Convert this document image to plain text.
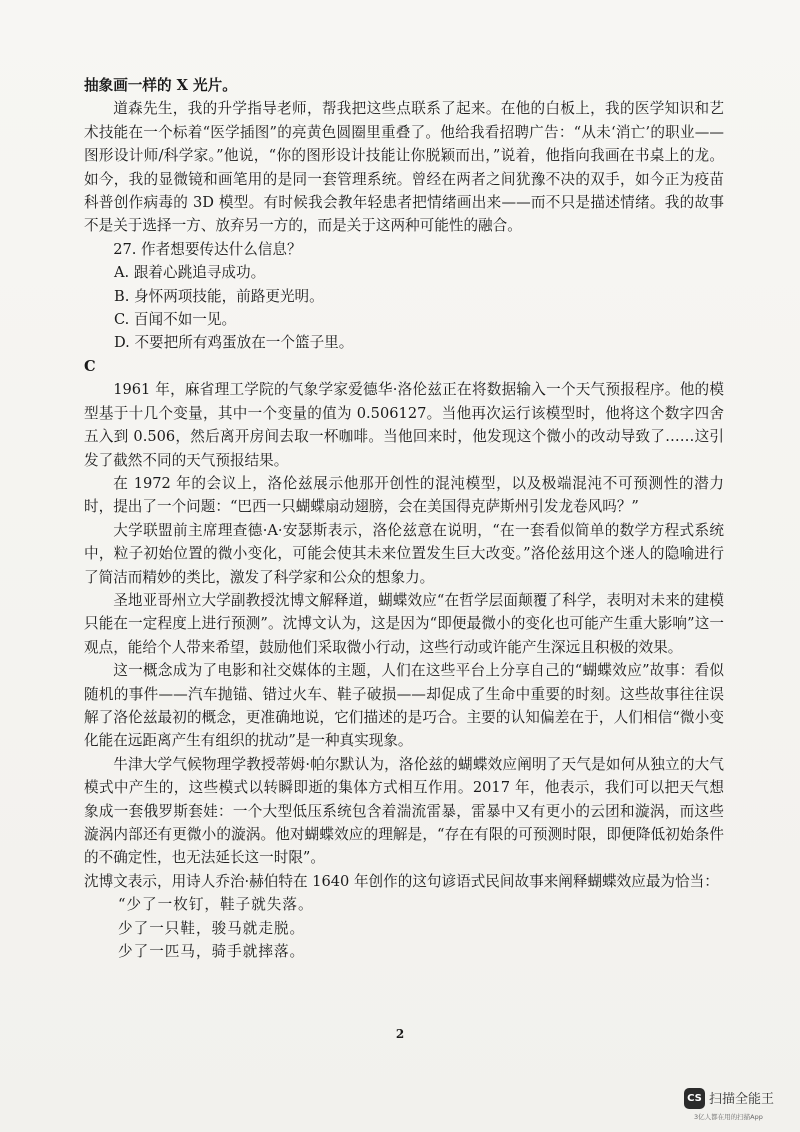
抽象画一样的 X 光片。

道森先生，我的升学指导老师，帮我把这些点联系了起来。在他的白板上，我的医学知识和艺术技能在一个标着“医学插图”的亮黄色圆圈里重叠了。他给我看招聘广告：“从未‘消亡’的职业——图形设计师/科学家。”他说，“你的图形设计技能让你脱颖而出，”说着，他指向我画在书桌上的龙。如今，我的显微镜和画笔用的是同一套管理系统。曾经在两者之间犹豫不决的双手，如今正为疫苗科普创作病毒的 3D 模型。有时候我会教年轻患者把情绪画出来——而不只是描述情绪。我的故事不是关于选择一方、放弃另一方的，而是关于这两种可能性的融合。

27. 作者想要传达什么信息？

A. 跟着心跳追寻成功。

B. 身怀两项技能，前路更光明。

C. 百闻不如一见。

D. 不要把所有鸡蛋放在一个篮子里。

C

1961 年，麻省理工学院的气象学家爱德华·洛伦兹正在将数据输入一个天气预报程序。他的模型基于十几个变量，其中一个变量的值为 0.506127。当他再次运行该模型时，他将这个数字四舍五入到 0.506，然后离开房间去取一杯咖啡。当他回来时，他发现这个微小的改动导致了……这引发了截然不同的天气预报结果。

在 1972 年的会议上，洛伦兹展示他那开创性的混沌模型，以及极端混沌不可预测性的潜力时，提出了一个问题：“巴西一只蝴蝶扇动翅膀，会在美国得克萨斯州引发龙卷风吗？”

大学联盟前主席理查德·A·安瑟斯表示，洛伦兹意在说明，“在一套看似简单的数学方程式系统中，粒子初始位置的微小变化，可能会使其未来位置发生巨大改变。”洛伦兹用这个迷人的隐喻进行了简洁而精妙的类比，激发了科学家和公众的想象力。

圣地亚哥州立大学副教授沈博文解释道，蝴蝶效应“在哲学层面颠覆了科学，表明对未来的建模只能在一定程度上进行预测”。沈博文认为，这是因为“即便最微小的变化也可能产生重大影响”这一观点，能给个人带来希望，鼓励他们采取微小行动，这些行动或许能产生深远且积极的效果。

这一概念成为了电影和社交媒体的主题，人们在这些平台上分享自己的“蝴蝶效应”故事：看似随机的事件——汽车抛锚、错过火车、鞋子破损——却促成了生命中重要的时刻。这些故事往往误解了洛伦兹最初的概念，更准确地说，它们描述的是巧合。主要的认知偏差在于，人们相信“微小变化能在远距离产生有组织的扰动”是一种真实现象。

牛津大学气候物理学教授蒂姆·帕尔默认为，洛伦兹的蝴蝶效应阐明了天气是如何从独立的大气模式中产生的，这些模式以转瞬即逝的集体方式相互作用。2017 年，他表示，我们可以把天气想象成一套俄罗斯套娃：一个大型低压系统包含着湍流雷暴，雷暴中又有更小的云团和漩涡，而这些漩涡内部还有更微小的漩涡。他对蝴蝶效应的理解是，“存在有限的可预测时限，即便降低初始条件的不确定性，也无法延长这一时限”。

沈博文表示，用诗人乔治·赫伯特在 1640 年创作的这句谚语式民间故事来阐释蝴蝶效应最为恰当：

“少了一枚钉，鞋子就失落。

少了一只鞋，骏马就走脱。

少了一匹马，骑手就摔落。

2
CS 扫描全能王
3亿人都在用的扫描App
